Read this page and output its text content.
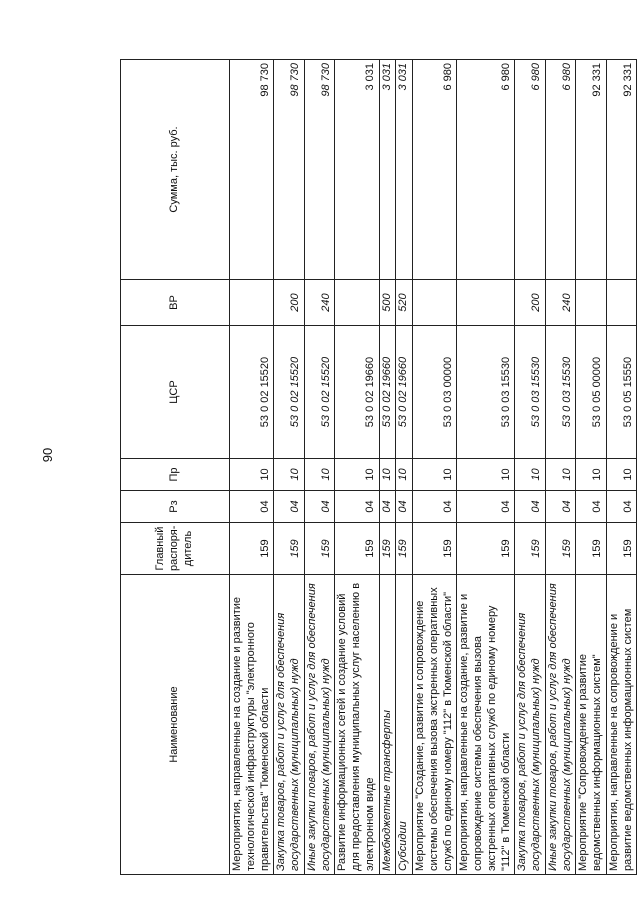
90
Наименование	Главный распоря-дитель	Рз	Пр	ЦСР	ВР	Сумма, тыс. руб.
Мероприятия, направленные на создание и развитие технологической инфраструктуры "электронного правительства" Тюменской области	159	04	10	53 0 02 15520		98 730
Закупка товаров, работ и услуг для обеспечения государственных (муниципальных) нужд	159	04	10	53 0 02 15520	200	98 730
Иные закупки товаров, работ и услуг для обеспечения государственных (муниципальных) нужд	159	04	10	53 0 02 15520	240	98 730
Развитие информационных сетей и создание условий для предоставления муниципальных услуг населению в электронном виде	159	04	10	53 0 02 19660		3 031
Межбюджетные трансферты	159	04	10	53 0 02 19660	500	3 031
Субсидии	159	04	10	53 0 02 19660	520	3 031
Мероприятие "Создание, развитие и сопровождение системы обеспечения вызова экстренных оперативных служб по единому номеру "112" в Тюменской области"	159	04	10	53 0 03 00000		6 980
Мероприятия, направленные на создание, развитие и сопровождение системы обеспечения вызова экстренных оперативных служб по единому номеру "112" в Тюменской области	159	04	10	53 0 03 15530		6 980
Закупка товаров, работ и услуг для обеспечения государственных (муниципальных) нужд	159	04	10	53 0 03 15530	200	6 980
Иные закупки товаров, работ и услуг для обеспечения государственных (муниципальных) нужд	159	04	10	53 0 03 15530	240	6 980
Мероприятие "Сопровождение и развитие ведомственных информационных систем"	159	04	10	53 0 05 00000		92 331
Мероприятия, направленные на сопровождение и развитие ведомственных информационных систем	159	04	10	53 0 05 15550		92 331
